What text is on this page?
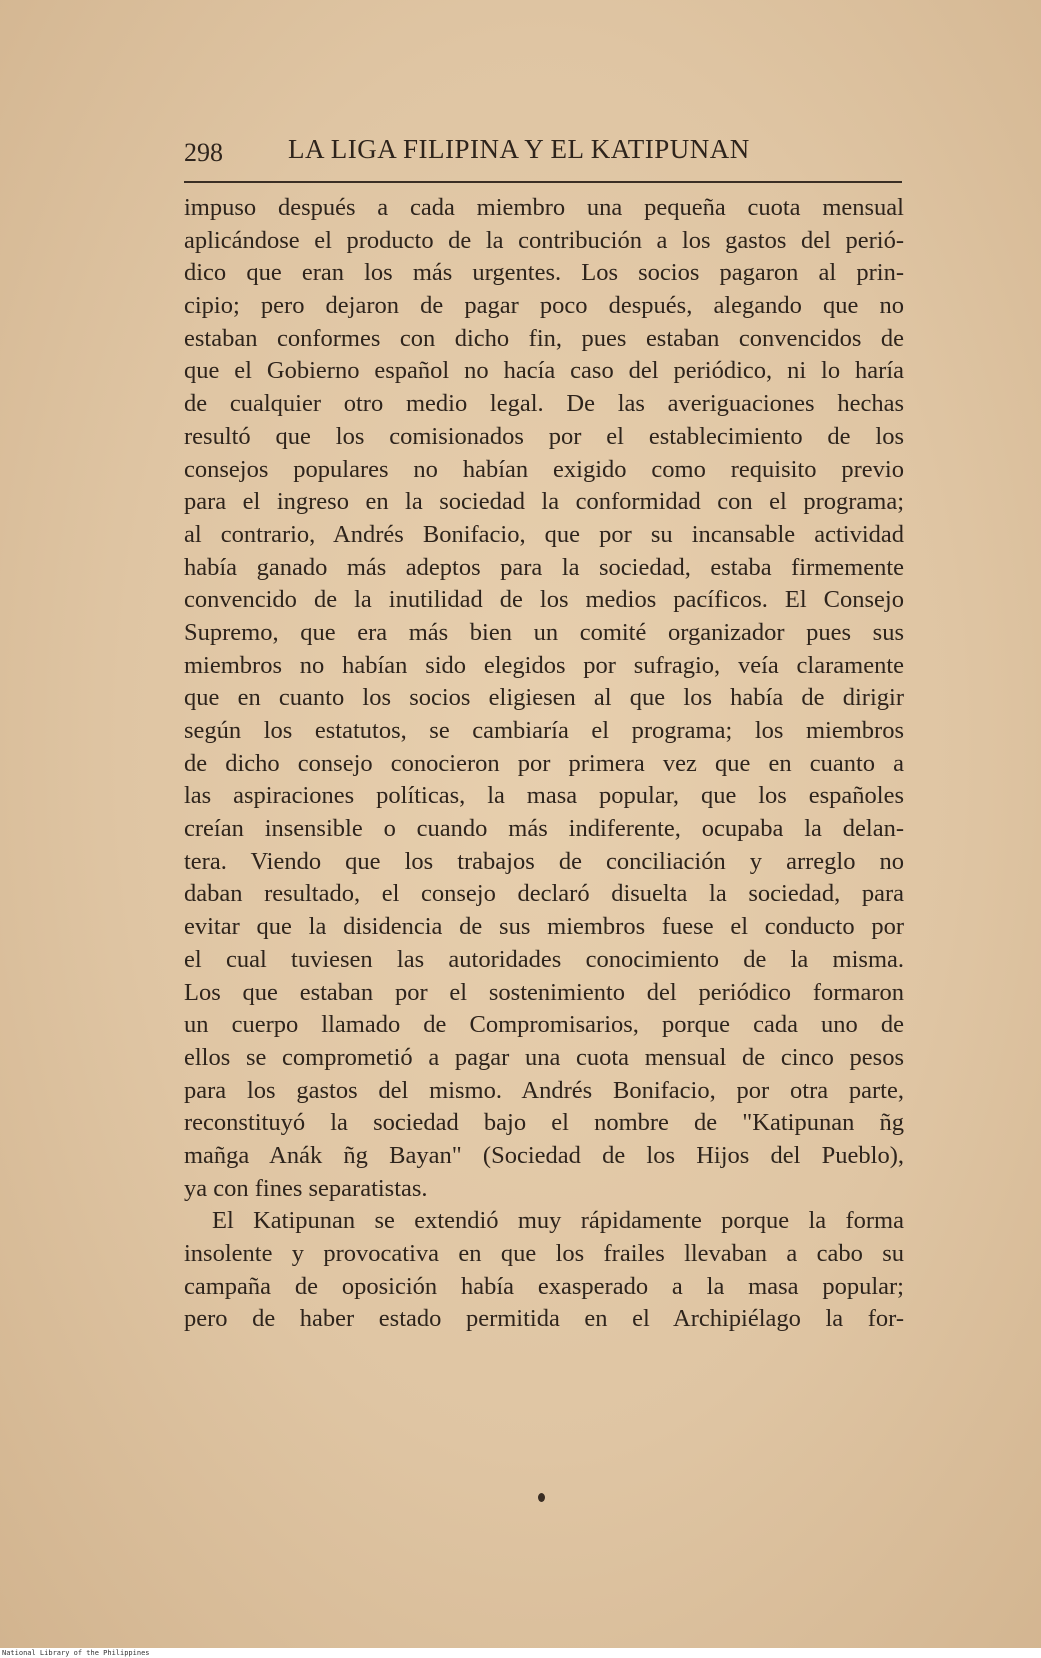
298 LA LIGA FILIPINA Y EL KATIPUNAN
impuso después a cada miembro una pequeña cuota mensual
aplicándose el producto de la contribución a los gastos del perió-
dico que eran los más urgentes. Los socios pagaron al prin-
cipio; pero dejaron de pagar poco después, alegando que no
estaban conformes con dicho fin, pues estaban convencidos de
que el Gobierno español no hacía caso del periódico, ni lo haría
de cualquier otro medio legal. De las averiguaciones hechas
resultó que los comisionados por el establecimiento de los
consejos populares no habían exigido como requisito previo
para el ingreso en la sociedad la conformidad con el programa;
al contrario, Andrés Bonifacio, que por su incansable actividad
había ganado más adeptos para la sociedad, estaba firmemente
convencido de la inutilidad de los medios pacíficos. El Consejo
Supremo, que era más bien un comité organizador pues sus
miembros no habían sido elegidos por sufragio, veía claramente
que en cuanto los socios eligiesen al que los había de dirigir
según los estatutos, se cambiaría el programa; los miembros
de dicho consejo conocieron por primera vez que en cuanto a
las aspiraciones políticas, la masa popular, que los españoles
creían insensible o cuando más indiferente, ocupaba la delan-
tera. Viendo que los trabajos de conciliación y arreglo no
daban resultado, el consejo declaró disuelta la sociedad, para
evitar que la disidencia de sus miembros fuese el conducto por
el cual tuviesen las autoridades conocimiento de la misma.
Los que estaban por el sostenimiento del periódico formaron
un cuerpo llamado de Compromisarios, porque cada uno de
ellos se comprometió a pagar una cuota mensual de cinco pesos
para los gastos del mismo. Andrés Bonifacio, por otra parte,
reconstituyó la sociedad bajo el nombre de "Katipunan ñg
mañga Anák ñg Bayan" (Sociedad de los Hijos del Pueblo),
ya con fines separatistas.
El Katipunan se extendió muy rápidamente porque la forma
insolente y provocativa en que los frailes llevaban a cabo su
campaña de oposición había exasperado a la masa popular;
pero de haber estado permitida en el Archipiélago la for-
National Library of the Philippines
